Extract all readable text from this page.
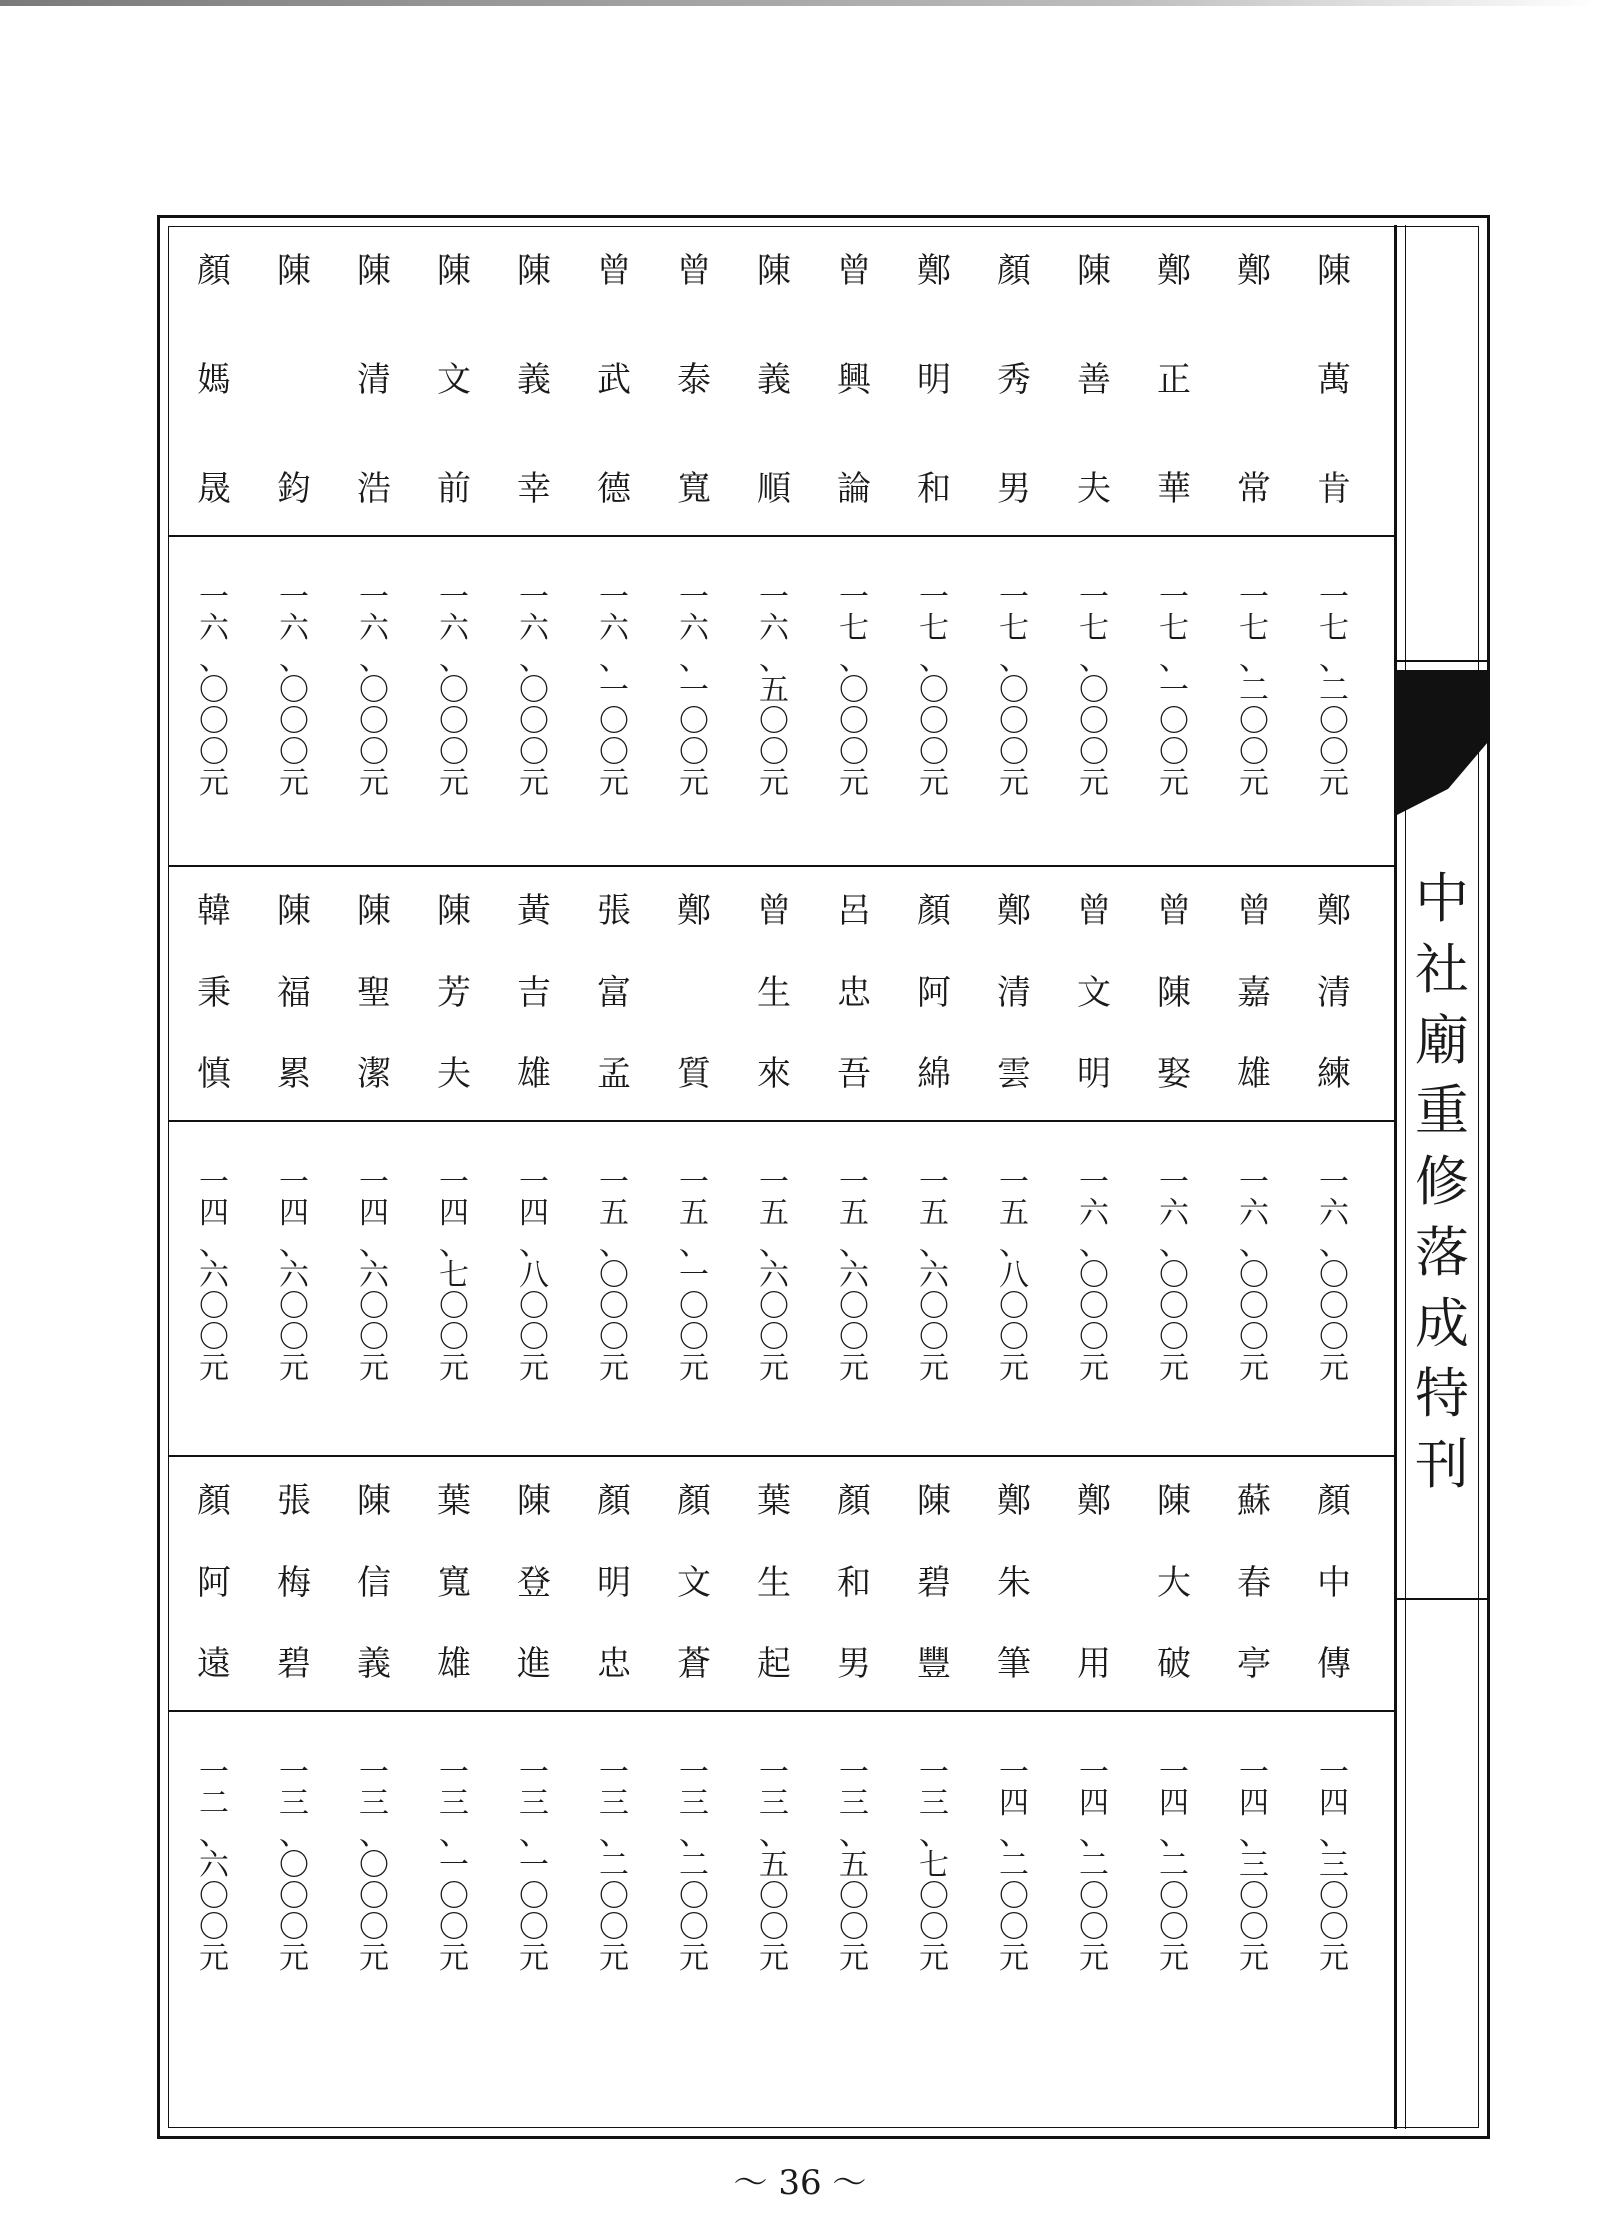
中
社
廟
重
修
落
成
特
刊
陳
萬
肯
鄭
常
鄭
正
華
陳
善
夫
顏
秀
男
鄭
明
和
曾
興
論
陳
義
順
曾
泰
寬
曾
武
德
陳
義
幸
陳
文
前
陳
清
浩
陳
鈞
顏
媽
晟
一
七
、
二
〇
〇
元
一
七
、
二
〇
〇
元
一
七
、
一
〇
〇
元
一
七
、
〇
〇
〇
元
一
七
、
〇
〇
〇
元
一
七
、
〇
〇
〇
元
一
七
、
〇
〇
〇
元
一
六
、
五
〇
〇
元
一
六
、
一
〇
〇
元
一
六
、
一
〇
〇
元
一
六
、
〇
〇
〇
元
一
六
、
〇
〇
〇
元
一
六
、
〇
〇
〇
元
一
六
、
〇
〇
〇
元
一
六
、
〇
〇
〇
元
鄭
清
練
曾
嘉
雄
曾
陳
娶
曾
文
明
鄭
清
雲
顏
阿
綿
呂
忠
吾
曾
生
來
鄭
質
張
富
孟
黃
吉
雄
陳
芳
夫
陳
聖
潔
陳
福
累
韓
秉
慎
一
六
、
〇
〇
〇
元
一
六
、
〇
〇
〇
元
一
六
、
〇
〇
〇
元
一
六
、
〇
〇
〇
元
一
五
、
八
〇
〇
元
一
五
、
六
〇
〇
元
一
五
、
六
〇
〇
元
一
五
、
六
〇
〇
元
一
五
、
一
〇
〇
元
一
五
、
〇
〇
〇
元
一
四
、
八
〇
〇
元
一
四
、
七
〇
〇
元
一
四
、
六
〇
〇
元
一
四
、
六
〇
〇
元
一
四
、
六
〇
〇
元
顏
中
傳
蘇
春
亭
陳
大
破
鄭
用
鄭
朱
筆
陳
碧
豐
顏
和
男
葉
生
起
顏
文
蒼
顏
明
忠
陳
登
進
葉
寬
雄
陳
信
義
張
梅
碧
顏
阿
遠
一
四
、
三
〇
〇
元
一
四
、
三
〇
〇
元
一
四
、
二
〇
〇
元
一
四
、
二
〇
〇
元
一
四
、
二
〇
〇
元
一
三
、
七
〇
〇
元
一
三
、
五
〇
〇
元
一
三
、
五
〇
〇
元
一
三
、
二
〇
〇
元
一
三
、
二
〇
〇
元
一
三
、
一
〇
〇
元
一
三
、
一
〇
〇
元
一
三
、
〇
〇
〇
元
一
三
、
〇
〇
〇
元
一
二
、
六
〇
〇
元
～ 36 ～
